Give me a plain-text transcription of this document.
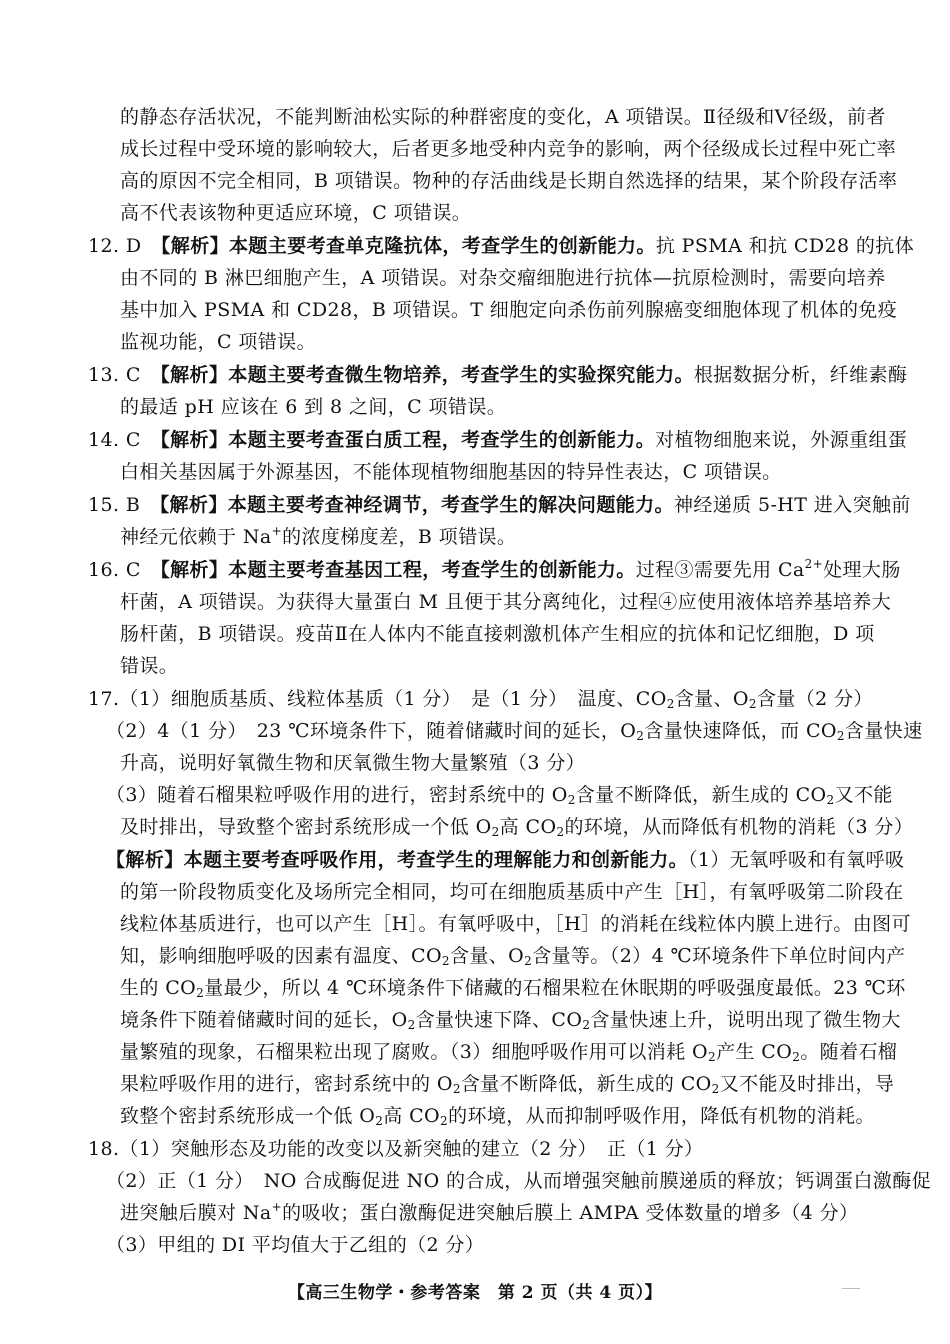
的静态存活状况，不能判断油松实际的种群密度的变化，A 项错误。Ⅱ径级和Ⅴ径级，前者
成长过程中受环境的影响较大，后者更多地受种内竞争的影响，两个径级成长过程中死亡率
高的原因不完全相同，B 项错误。物种的存活曲线是长期自然选择的结果，某个阶段存活率
高不代表该物种更适应环境，C 项错误。
12. D　 【解析】本题主要考查单克隆抗体，考查学生的创新能力。抗 PSMA 和抗 CD28 的抗体
由不同的 B 淋巴细胞产生，A 项错误。对杂交瘤细胞进行抗体—抗原检测时，需要向培养
基中加入 PSMA 和 CD28，B 项错误。T 细胞定向杀伤前列腺癌变细胞体现了机体的免疫
监视功能，C 项错误。
13. C　 【解析】本题主要考查微生物培养，考查学生的实验探究能力。根据数据分析，纤维素酶
的最适 pH 应该在 6 到 8 之间，C 项错误。
14. C　 【解析】本题主要考查蛋白质工程，考查学生的创新能力。对植物细胞来说，外源重组蛋
白相关基因属于外源基因，不能体现植物细胞基因的特异性表达，C 项错误。
15. B　 【解析】本题主要考查神经调节，考查学生的解决问题能力。神经递质 5-HT 进入突触前
神经元依赖于 Na+的浓度梯度差，B 项错误。
16. C　 【解析】本题主要考查基因工程，考查学生的创新能力。过程③需要先用 $Ca^{2+}$处理大肠
杆菌，A 项错误。为获得大量蛋白 M 且便于其分离纯化，过程④应使用液体培养基培养大
肠杆菌，B 项错误。疫苗Ⅱ在人体内不能直接刺激机体产生相应的抗体和记忆细胞，D 项
错误。
17.（1）细胞质基质、线粒体基质（1 分）　是（1 分）　温度、$CO_2$含量、$O_2$含量（2 分）
（2）4（1 分）　23 ℃环境条件下，随着储藏时间的延长，$O_2$含量快速降低，而 $CO_2$含量快速
升高，说明好氧微生物和厌氧微生物大量繁殖（3 分）
（3）随着石榴果粒呼吸作用的进行，密封系统中的 $O_2$含量不断降低，新生成的 $CO_2$又不能
及时排出，导致整个密封系统形成一个低 $O_2$高 $CO_2$的环境，从而降低有机物的消耗（3 分）
【解析】本题主要考查呼吸作用，考查学生的理解能力和创新能力。（1）无氧呼吸和有氧呼吸
的第一阶段物质变化及场所完全相同，均可在细胞质基质中产生［H］，有氧呼吸第二阶段在
线粒体基质进行，也可以产生［H］。有氧呼吸中，［H］的消耗在线粒体内膜上进行。由图可
知，影响细胞呼吸的因素有温度、$CO_2$含量、$O_2$含量等。（2）4 ℃环境条件下单位时间内产
生的 $CO_2$量最少，所以 4 ℃环境条件下储藏的石榴果粒在休眠期的呼吸强度最低。23 ℃环
境条件下随着储藏时间的延长，$O_2$含量快速下降、$CO_2$含量快速上升，说明出现了微生物大
量繁殖的现象，石榴果粒出现了腐败。（3）细胞呼吸作用可以消耗 $O_2$产生 $CO_2$。随着石榴
果粒呼吸作用的进行，密封系统中的 $O_2$含量不断降低，新生成的 $CO_2$又不能及时排出，导
致整个密封系统形成一个低 $O_2$高 $CO_2$的环境，从而抑制呼吸作用，降低有机物的消耗。
18.（1）突触形态及功能的改变以及新突触的建立（2 分）　正（1 分）
（2）正（1 分）　NO 合成酶促进 NO 的合成，从而增强突触前膜递质的释放；钙调蛋白激酶促
进突触后膜对 Na+的吸收；蛋白激酶促进突触后膜上 AMPA 受体数量的增多（4 分）
（3）甲组的 DI 平均值大于乙组的（2 分）
【高三生物学・参考答案　第 2 页（共 4 页）】
